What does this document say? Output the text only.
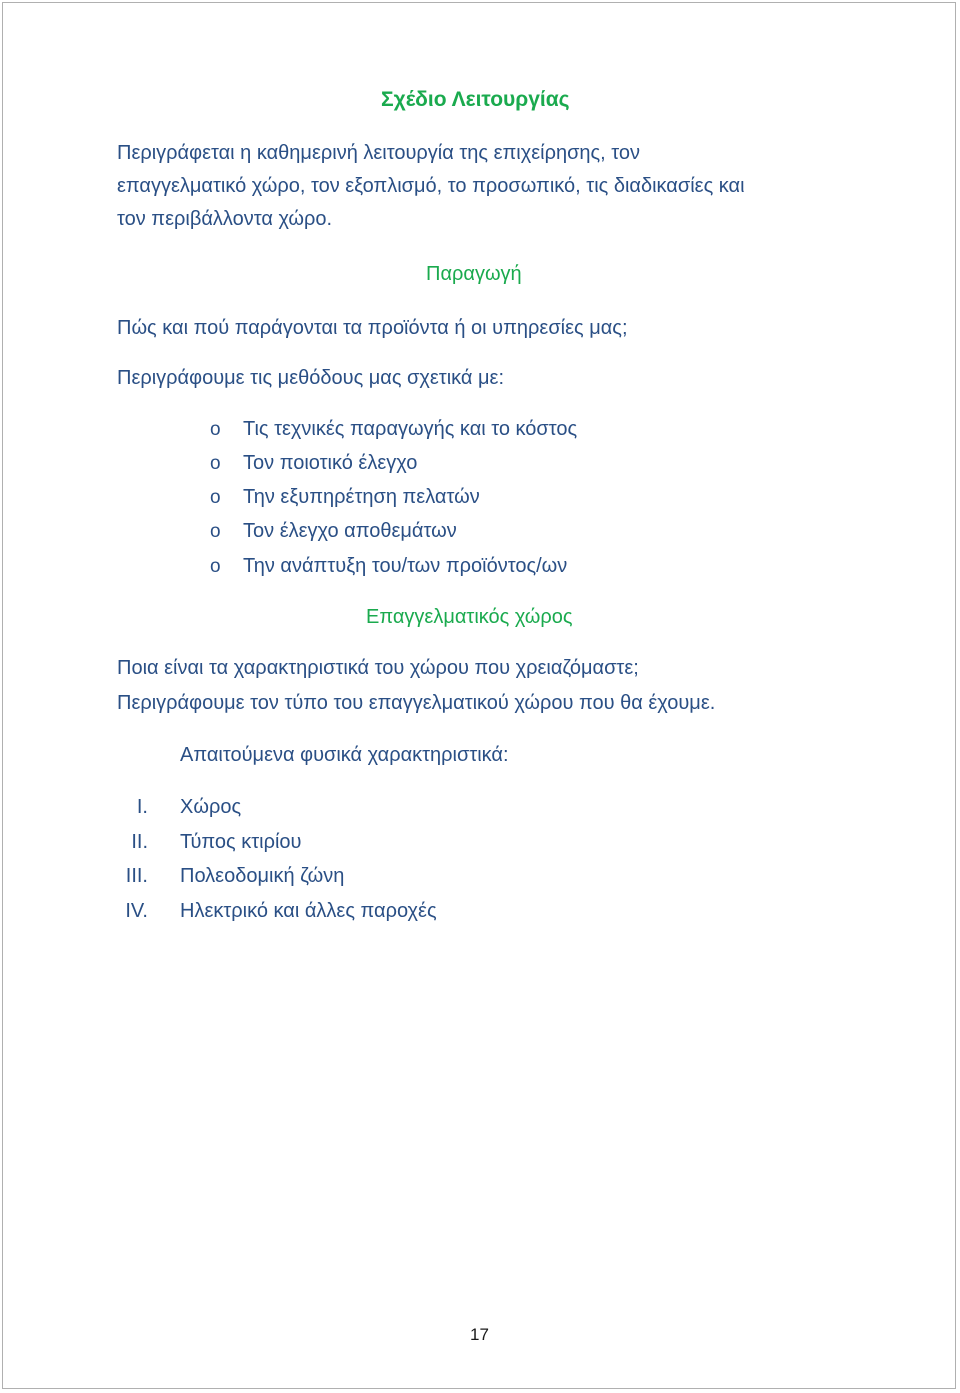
Σχέδιο Λειτουργίας
Περιγράφεται η καθημερινή λειτουργία της επιχείρησης, τον
επαγγελματικό χώρο, τον εξοπλισμό, το προσωπικό, τις διαδικασίες και
τον περιβάλλοντα χώρο.
Παραγωγή
Πώς και πού παράγονται τα προϊόντα ή οι υπηρεσίες μας;
Περιγράφουμε τις μεθόδους μας σχετικά με:
o Τις τεχνικές παραγωγής και το κόστος
o Τον ποιοτικό έλεγχο
o Την εξυπηρέτηση πελατών
o Τον έλεγχο αποθεμάτων
o Την ανάπτυξη του/των προϊόντος/ων
Επαγγελματικός χώρος
Ποια είναι τα χαρακτηριστικά του χώρου που χρειαζόμαστε;
Περιγράφουμε τον τύπο του επαγγελματικού χώρου που θα έχουμε.
Απαιτούμενα φυσικά χαρακτηριστικά:
I. Χώρος
II. Τύπος κτιρίου
III. Πολεοδομική ζώνη
IV. Ηλεκτρικό και άλλες παροχές
17
